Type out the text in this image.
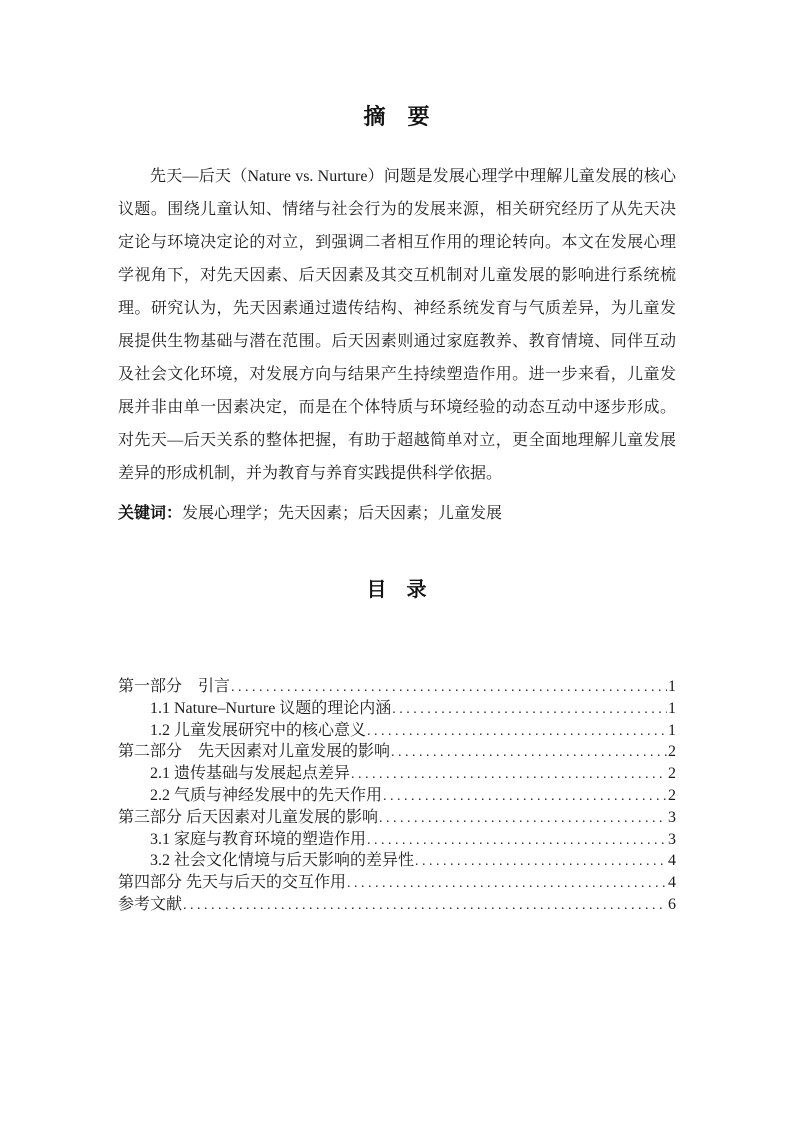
摘　要

先天—后天（Nature vs. Nurture）问题是发展心理学中理解儿童发展的核心议题。围绕儿童认知、情绪与社会行为的发展来源，相关研究经历了从先天决定论与环境决定论的对立，到强调二者相互作用的理论转向。本文在发展心理学视角下，对先天因素、后天因素及其交互机制对儿童发展的影响进行系统梳理。研究认为，先天因素通过遗传结构、神经系统发育与气质差异，为儿童发展提供生物基础与潜在范围。后天因素则通过家庭教养、教育情境、同伴互动及社会文化环境，对发展方向与结果产生持续塑造作用。进一步来看，儿童发展并非由单一因素决定，而是在个体特质与环境经验的动态互动中逐步形成。对先天—后天关系的整体把握，有助于超越简单对立，更全面地理解儿童发展差异的形成机制，并为教育与养育实践提供科学依据。

关键词：发展心理学；先天因素；后天因素；儿童发展

目　录
第一部分　引言 . . .	1
1.1 Nature–Nurture 议题的理论内涵 . . .	1
1.2 儿童发展研究中的核心意义 . . .	1
第二部分　先天因素对儿童发展的影响 . . .	2
2.1 遗传基础与发展起点差异 . . .	2
2.2 气质与神经发展中的先天作用 . . .	2
第三部分 后天因素对儿童发展的影响 . . .	3
3.1 家庭与教育环境的塑造作用 . . .	3
3.2 社会文化情境与后天影响的差异性 . . .	4
第四部分 先天与后天的交互作用 . . .	4
参考文献 . . .	6
